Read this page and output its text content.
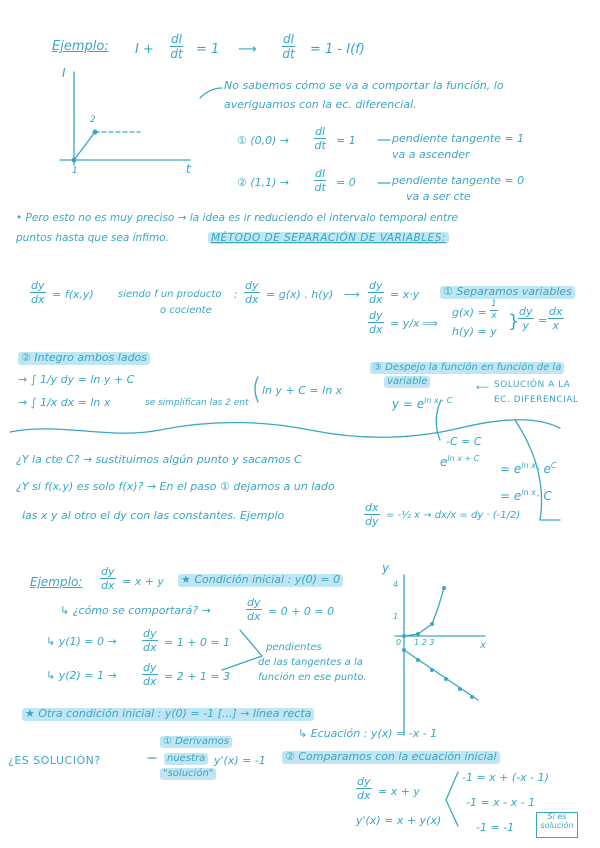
Ejemplo: $I + \frac{dI}{dt} = 1$ ⟶ $\frac{dI}{dt} = 1 - I(f)$
I
t
2
1
No sabemos cómo se va a comportar la función, lo
averiguamos con la ec. diferencial.
① $(0,0) \to \frac{dI}{dt} = 1$	pendiente tangente = 1
va a ascender
② $(1,1) \to \frac{dI}{dt} = 0$	pendiente tangente = 0
va a ser cte
• Pero esto no es muy preciso → la idea es ir reduciendo el intervalo temporal entre
puntos hasta que sea ínfimo.	MÉTODO DE SEPARACIÓN DE VARIABLES:
$\frac{dy}{dx} = f(x,y)$ siendo f un producto
o cociente
: $\frac{dy}{dx} = g(x)$ . h(y) ⟶ $\frac{dy}{dx} = x\cdot y$
$\frac{dy}{dx} = y/x$ ⟹
① Separamos variables
$g(x) = \frac{1}{x}$
h(y) = y }
$\frac{dy}{y} = \frac{dx}{x}$
② Integro ambos lados
→ ∫ 1/y dy = ln y + C
→ ∫ 1/x dx = ln x	se simplifican las 2 ent
ln y + C = ln x
③ Despejo la función en función de la
variable
$y = e^{ln x - C}$
⟵ SOLUCIÓN A LA
EC. DIFERENCIAL
-C = C
$e^{ln x + C}$
= $e^{ln x}\cdot e^C$
= $e^{ln x}\cdot C$
¿Y la cte C? → sustituimos algún punto y sacamos C
¿Y si f(x,y) es solo f(x)? → En el paso ① dejamos a un lado
las x y al otro el dy con las constantes. Ejemplo	$\frac{dx}{dy}$ = -½ x → dx/x = dy · (-1/2)
Ejemplo: $\frac{dy}{dx} = x + y$ ★ Condición inicial : y(0) = 0
↳ ¿cómo se comportará? →	$\frac{dy}{dx} = 0 + 0 = 0$
↳ $y(1) = 0 \to \frac{dy}{dx} = 1 + 0 = 1$
↳ $y(2) = 1 \to \frac{dy}{dx} = 2 + 1 = 3$
pendientes
de las tangentes a la
función en ese punto.
y
x
4
1
0 1 2 3
★ Otra condición inicial : y(0) = -1 [...] → línea recta
↳ Ecuación : y(x) = -x - 1
¿ES SOLUCIÓN?
① Derivamos
nuestra
"solución"
y'(x) = -1 ② Comparamos con la ecuación inicial
$\frac{dy}{dx} = x + y$
y'(x) = x + y(x)
-1 = x + (-x - 1)
-1 = x - x - 1
-1 = -1
Sí es
solución
